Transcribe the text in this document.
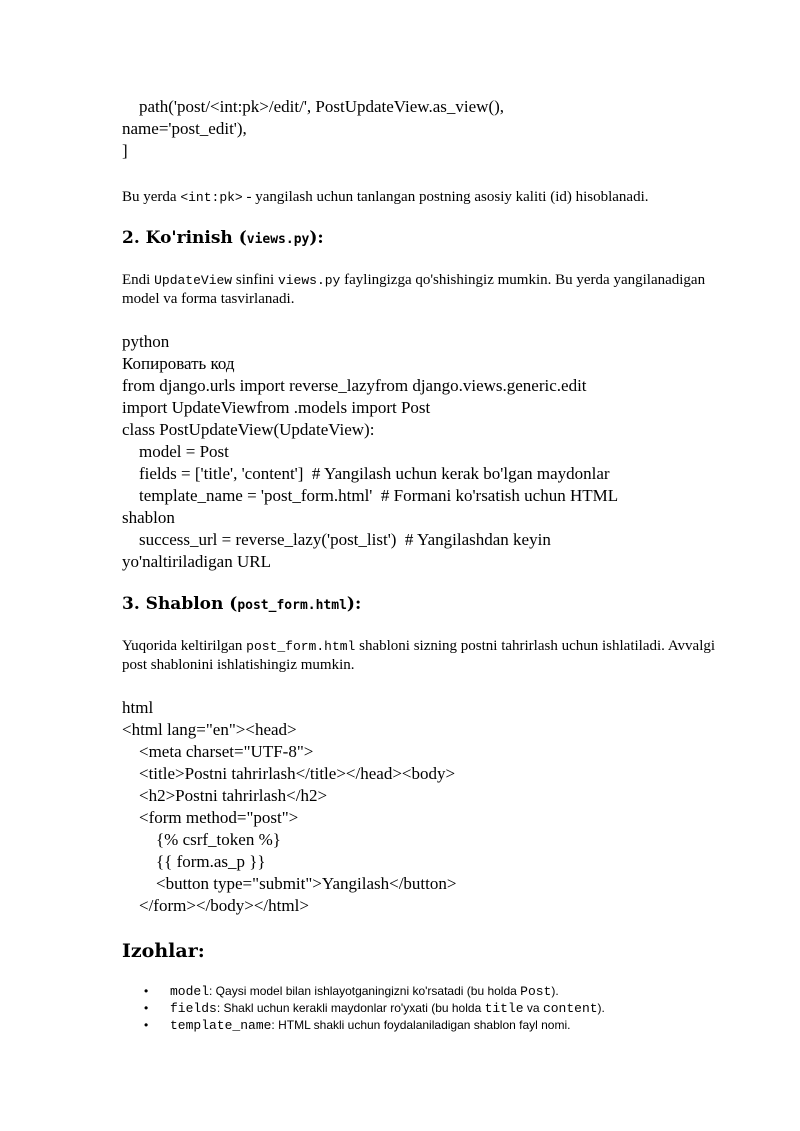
path('post/<int:pk>/edit/', PostUpdateView.as_view(),
name='post_edit'),
]

Bu yerda <int:pk> - yangilash uchun tanlangan postning asosiy kaliti (id) hisoblanadi.

2. Ko'rinish (views.py):

Endi UpdateView sinfini views.py faylingizga qo'shishingiz mumkin. Bu yerda yangilanadigan model va forma tasvirlanadi.

python
Копировать код
from django.urls import reverse_lazyfrom django.views.generic.edit
import UpdateViewfrom .models import Post
class PostUpdateView(UpdateView):
model = Post
fields = ['title', 'content']  # Yangilash uchun kerak bo'lgan maydonlar
template_name = 'post_form.html'  # Formani ko'rsatish uchun HTML
shablon
success_url = reverse_lazy('post_list')  # Yangilashdan keyin
yo'naltiriladigan URL
3. Shablon (post_form.html):

Yuqorida keltirilgan post_form.html shabloni sizning postni tahrirlash uchun ishlatiladi. Avvalgi post shablonini ishlatishingiz mumkin.

html
<html lang="en"><head>
<meta charset="UTF-8">
<title>Postni tahrirlash</title></head><body>
<h2>Postni tahrirlash</h2>
<form method="post">
{% csrf_token %}
{{ form.as_p }}
<button type="submit">Yangilash</button>
</form></body></html>
Izohlar:
• model: Qaysi model bilan ishlayotganingizni ko'rsatadi (bu holda Post).
• fields: Shakl uchun kerakli maydonlar ro'yxati (bu holda title va content).
• template_name: HTML shakli uchun foydalaniladigan shablon fayl nomi.
